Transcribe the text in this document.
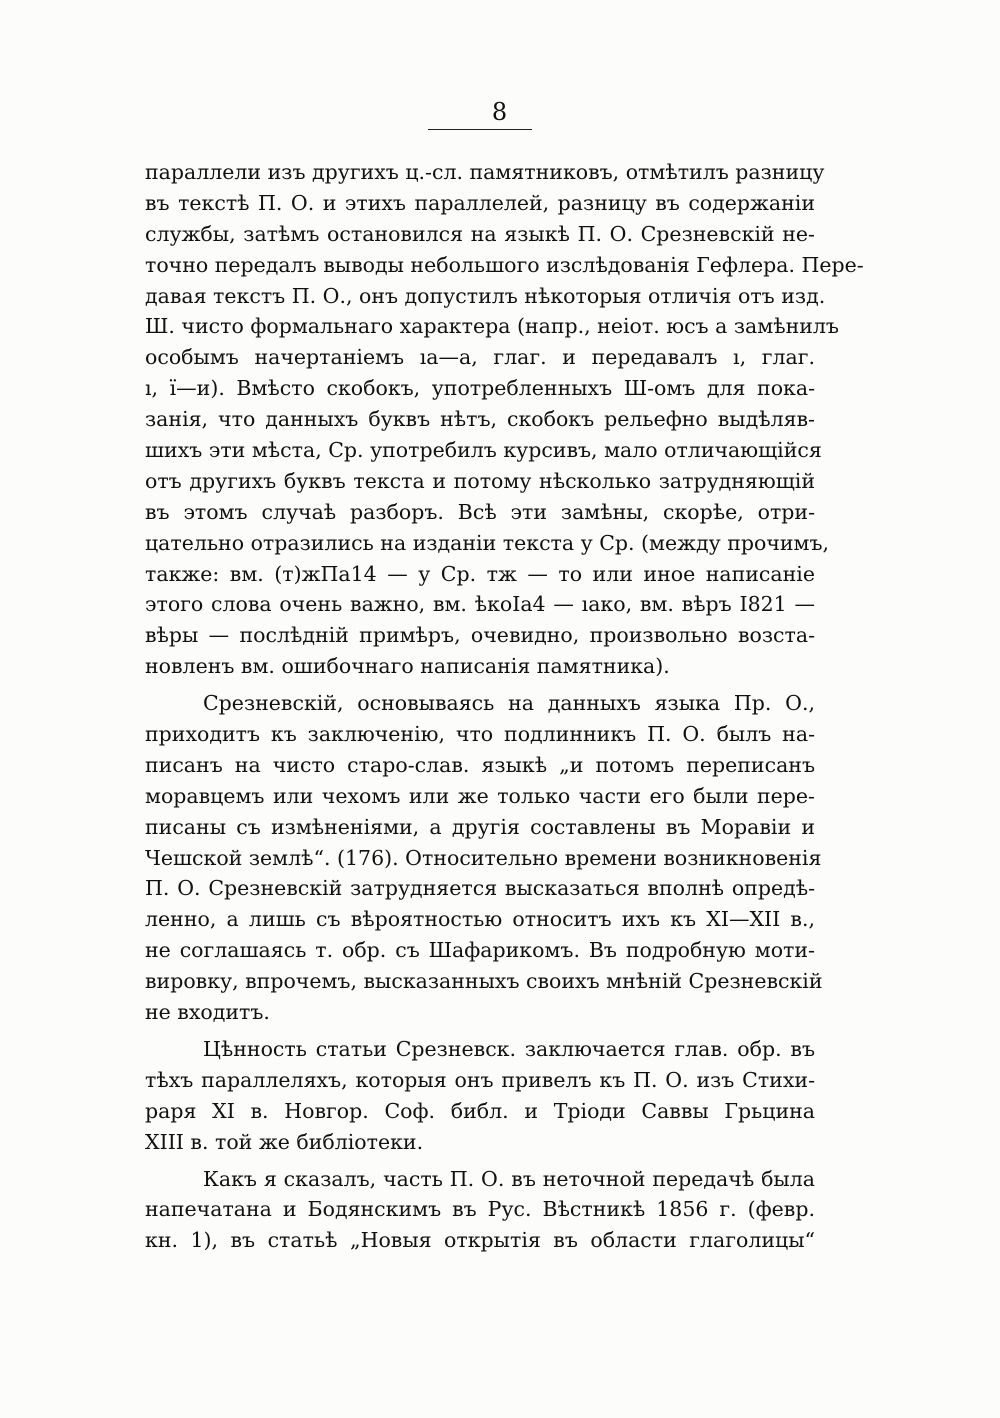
8
параллели изъ другихъ ц.-сл. памятниковъ, отмѣтилъ разницу
въ текстѣ П. О. и этихъ параллелей, разницу въ содержаніи
службы, затѣмъ остановился на языкѣ П. О. Срезневскій не-
точно передалъ выводы небольшого изслѣдованія Гефлера. Пере-
давая текстъ П. О., онъ допустилъ нѣкоторыя отличія отъ изд.
Ш. чисто формальнаго характера (напр., неіот. юсъ а замѣнилъ
особымъ начертаніемъ ıа—а, глаг. и передавалъ ı, глаг.
ı, ї—и). Вмѣсто скобокъ, употребленныхъ Ш-омъ для пока-
занія, что данныхъ буквъ нѣтъ, скобокъ рельефно выдѣляв-
шихъ эти мѣста, Ср. употребилъ курсивъ, мало отличающійся
отъ другихъ буквъ текста и потому нѣсколько затрудняющій
въ этомъ случаѣ разборъ. Всѣ эти замѣны, скорѣе, отри-
цательно отразились на изданіи текста у Ср. (между прочимъ,
также: вм. (т)жПа14 — у Ср. тж — то или иное написаніе
этого слова очень важно, вм. ѣкоІа4 — ıако, вм. вѣръ І821 —
вѣры — послѣдній примѣръ, очевидно, произвольно возста-
новленъ вм. ошибочнаго написанія памятника).
Срезневскій, основываясь на данныхъ языка Пр. О.,
приходитъ къ заключенію, что подлинникъ П. О. былъ на-
писанъ на чисто старо-слав. языкѣ „и потомъ переписанъ
моравцемъ или чехомъ или же только части его были пере-
писаны съ измѣненіями, а другія составлены въ Моравіи и
Чешской землѣ“. (176). Относительно времени возникновенія
П. О. Срезневскій затрудняется высказаться вполнѣ опредѣ-
ленно, а лишь съ вѣроятностью относитъ ихъ къ XI—XII в.,
не соглашаясь т. обр. съ Шафарикомъ. Въ подробную моти-
вировку, впрочемъ, высказанныхъ своихъ мнѣній Срезневскій
не входитъ.
Цѣнность статьи Срезневск. заключается глав. обр. въ
тѣхъ параллеляхъ, которыя онъ привелъ къ П. О. изъ Стихи-
раря XI в. Новгор. Соф. библ. и Тріоди Саввы Грьцина
XIII в. той же библіотеки.
Какъ я сказалъ, часть П. О. въ неточной передачѣ была
напечатана и Бодянскимъ въ Рус. Вѣстникѣ 1856 г. (февр.
кн. 1), въ статьѣ „Новыя открытія въ области глаголицы“
